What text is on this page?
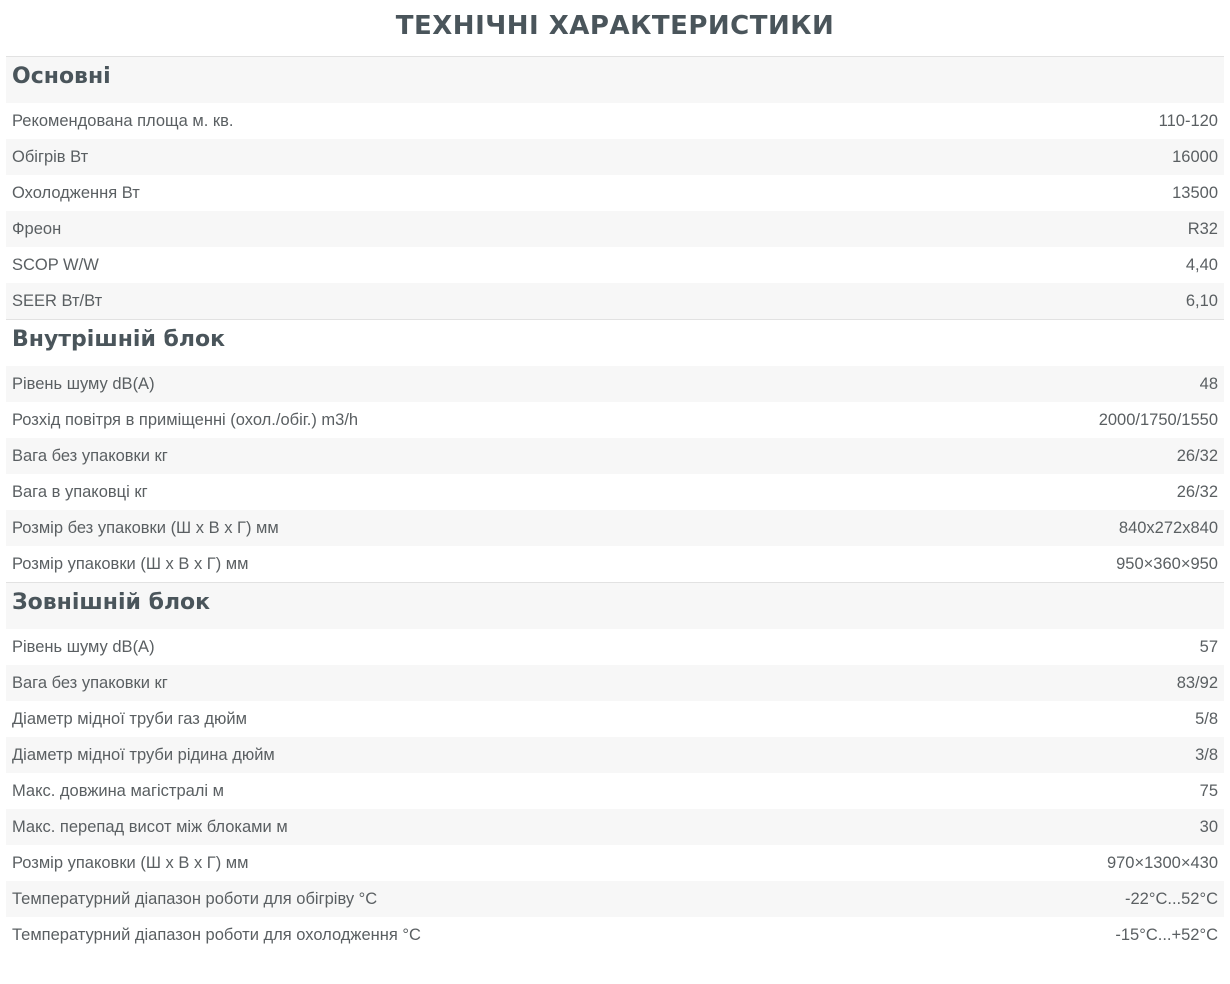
ТЕХНІЧНІ ХАРАКТЕРИСТИКИ
Основні
Рекомендована площа м. кв.	110-120
Обігрів Вт	16000
Охолодження Вт	13500
Фреон	R32
SCOP W/W	4,40
SEER Вт/Вт	6,10
Внутрішній блок
Рівень шуму dB(A)	48
Розхід повітря в приміщенні (охол./обіг.) m3/h	2000/1750/1550
Вага без упаковки кг	26/32
Вага в упаковці кг	26/32
Розмір без упаковки (Ш х В х Г) мм	840x272x840
Розмір упаковки (Ш х В х Г) мм	950×360×950
Зовнішній блок
Рівень шуму dB(A)	57
Вага без упаковки кг	83/92
Діаметр мідної труби газ дюйм	5/8
Діаметр мідної труби рідина дюйм	3/8
Макс. довжина магістралі м	75
Макс. перепад висот між блоками м	30
Розмір упаковки (Ш х В х Г) мм	970×1300×430
Температурний діапазон роботи для обігріву °C	-22°C...52°C
Температурний діапазон роботи для охолодження °C	-15°C...+52°C
